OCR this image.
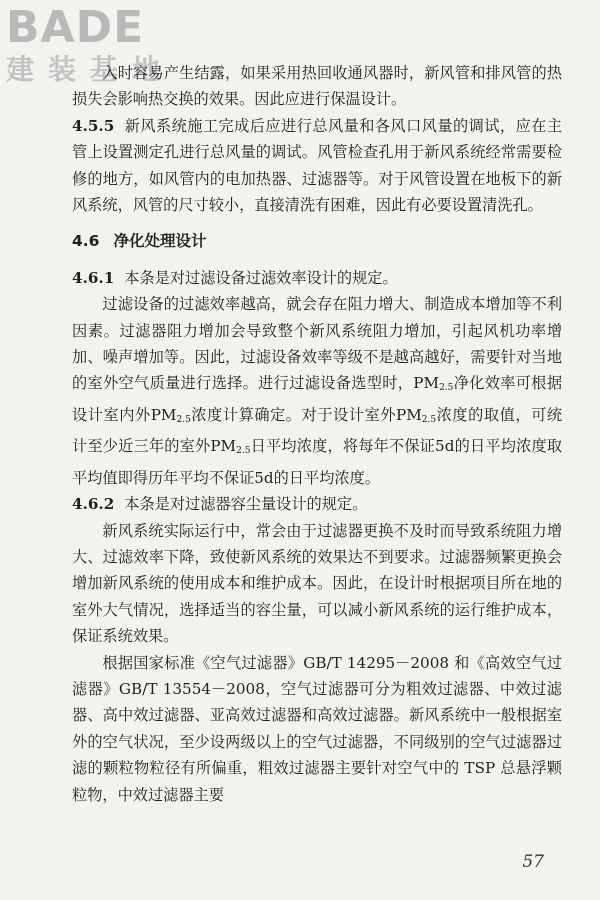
BADE
建装基地

入时容易产生结露，如果采用热回收通风器时，新风管和排风管的热损失会影响热交换的效果。因此应进行保温设计。

4.5.5 新风系统施工完成后应进行总风量和各风口风量的调试，应在主管上设置测定孔进行总风量的调试。风管检查孔用于新风系统经常需要检修的地方，如风管内的电加热器、过滤器等。对于风管设置在地板下的新风系统，风管的尺寸较小，直接清洗有困难，因此有必要设置清洗孔。

4.6 净化处理设计

4.6.1 本条是对过滤设备过滤效率设计的规定。

过滤设备的过滤效率越高，就会存在阻力增大、制造成本增加等不利因素。过滤器阻力增加会导致整个新风系统阻力增加，引起风机功率增加、噪声增加等。因此，过滤设备效率等级不是越高越好，需要针对当地的室外空气质量进行选择。进行过滤设备选型时，$PM_{2.5}$净化效率可根据设计室内外$PM_{2.5}$浓度计算确定。对于设计室外$PM_{2.5}$浓度的取值，可统计至少近三年的室外$PM_{2.5}$日平均浓度，将每年不保证5d的日平均浓度取平均值即得历年平均不保证5d的日平均浓度。

4.6.2 本条是对过滤器容尘量设计的规定。

新风系统实际运行中，常会由于过滤器更换不及时而导致系统阻力增大、过滤效率下降，致使新风系统的效果达不到要求。过滤器频繁更换会增加新风系统的使用成本和维护成本。因此，在设计时根据项目所在地的室外大气情况，选择适当的容尘量，可以减小新风系统的运行维护成本，保证系统效果。

根据国家标准《空气过滤器》GB/T 14295－2008 和《高效空气过滤器》GB/T 13554－2008，空气过滤器可分为粗效过滤器、中效过滤器、高中效过滤器、亚高效过滤器和高效过滤器。新风系统中一般根据室外的空气状况，至少设两级以上的空气过滤器，不同级别的空气过滤器过滤的颗粒物粒径有所偏重，粗效过滤器主要针对空气中的 TSP 总悬浮颗粒物，中效过滤器主要

57
